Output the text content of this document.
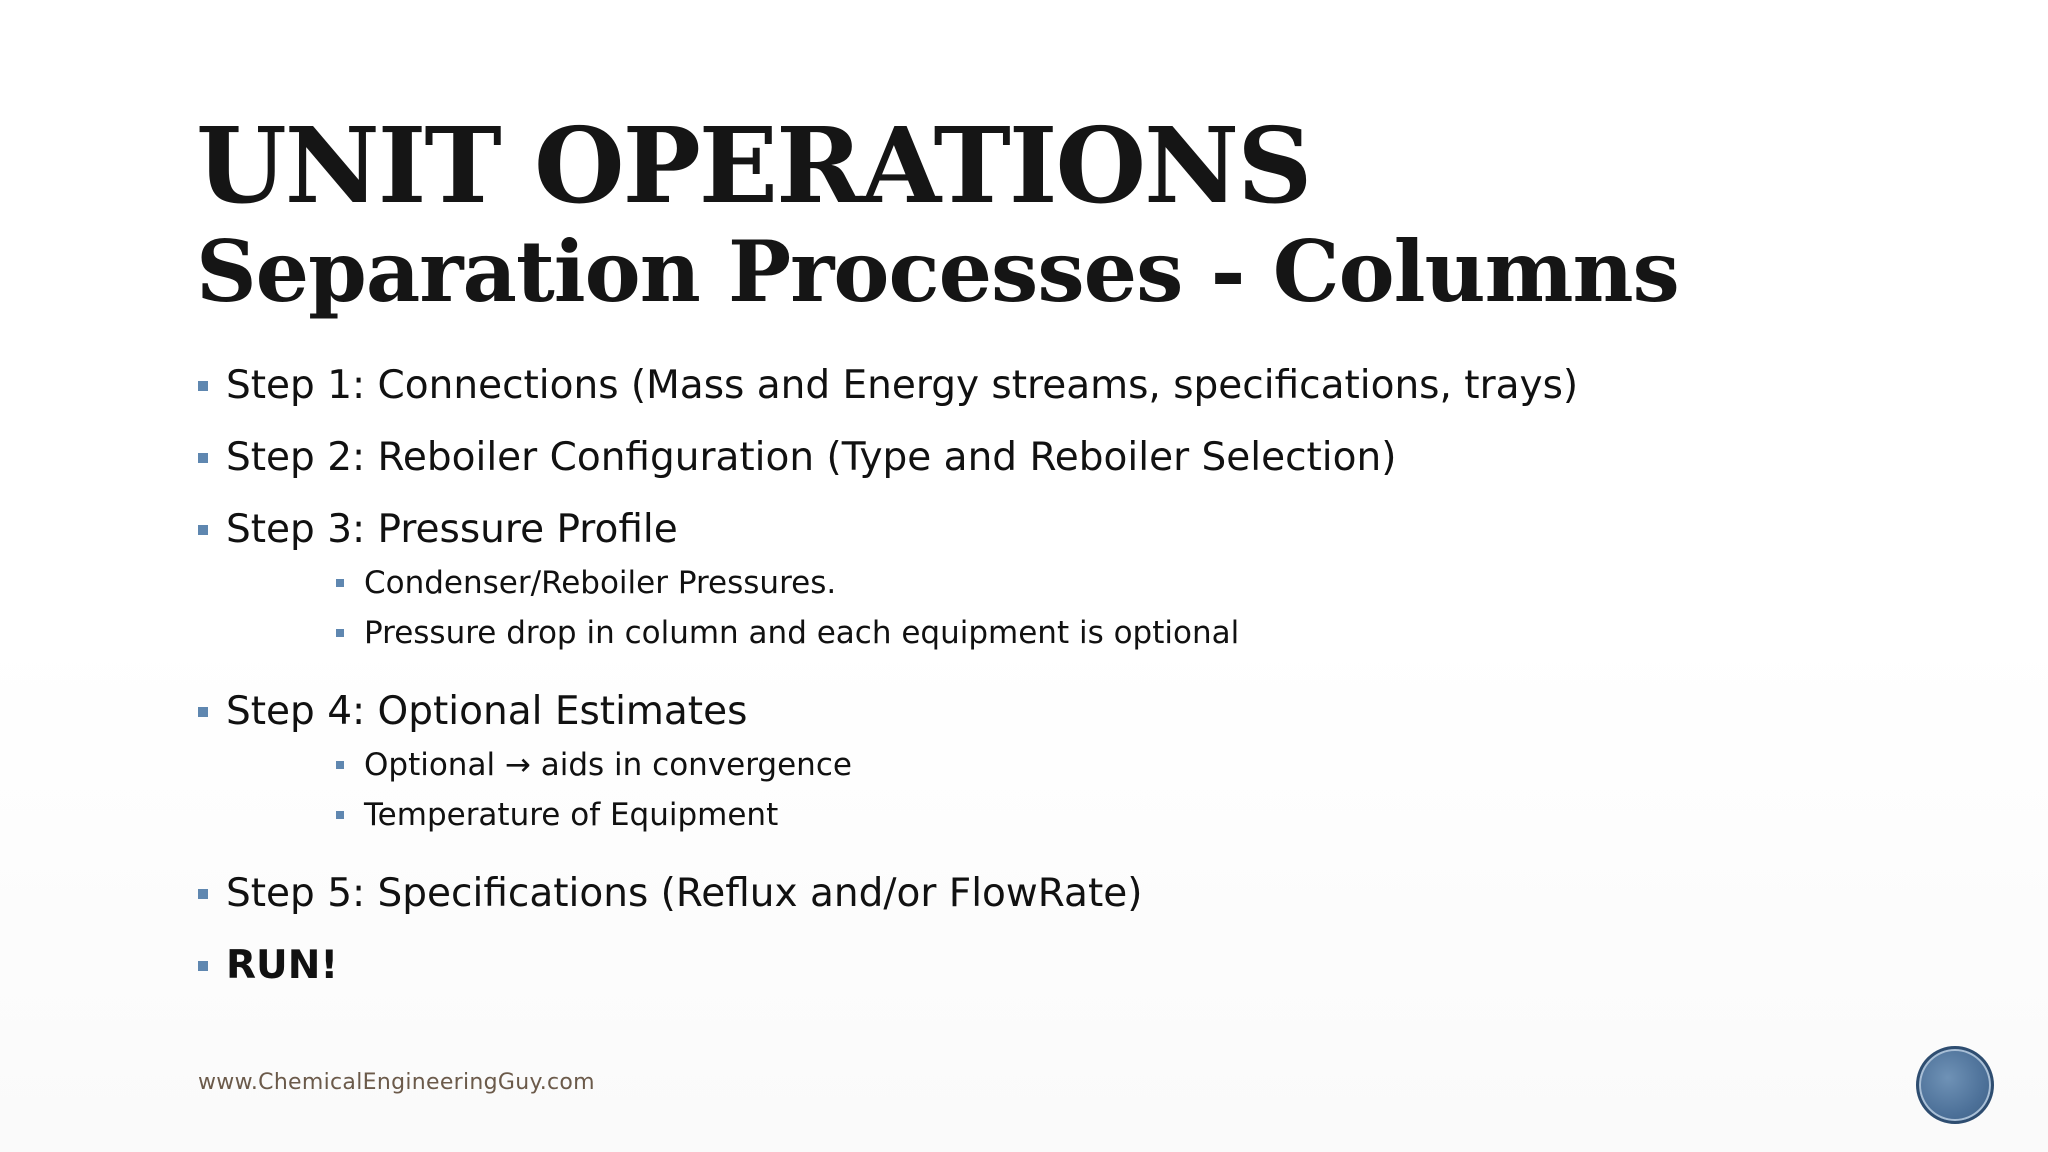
UNIT OPERATIONS
Separation Processes - Columns
Step 1: Connections (Mass and Energy streams, specifications, trays)
Step 2: Reboiler Configuration (Type and Reboiler Selection)
Step 3: Pressure Profile
Condenser/Reboiler Pressures.
Pressure drop in column and each equipment is optional
Step 4: Optional Estimates
Optional → aids in convergence
Temperature of Equipment
Step 5: Specifications (Reflux and/or FlowRate)
RUN!
www.ChemicalEngineeringGuy.com
